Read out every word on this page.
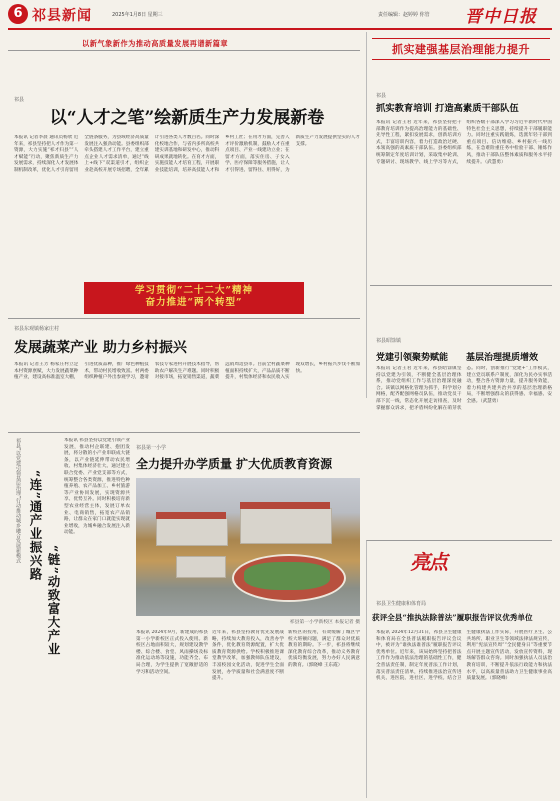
6 祁县新闻	2025年1月8日 星期三	责任编辑：赵婷婷 你管 晋中日报
以新气象新作为推动高质量发展再谱新篇章
祁县
以“人才之笔”绘新质生产力发展新卷
本报讯 记者李晨 通讯员杨欣 近年来，祁县坚持把人才作为第一资源，大力实施“祁才归县”“人才赋能”行动，聚焦新质生产力发展需求，持续深化人才发展体制机制改革，优化人才引育留用全链条服务，为县域经济高质量发展注入强劲动能。县委组织部牵头搭建人才工作平台，建立重点企业人才需求清单，通过“线上+线下”双渠道引才，组织企业赴高校开展专场招聘，全年累计引进各类人才数百名。同时深化校地合作，与省内多所高校共建实训基地和研发中心，推动科研成果就地转化。在育才方面，实施技能人才培育工程，开展职业技能培训，培养高技能人才和乡村工匠；在用才方面，完善人才评价激励机制，鼓励人才在重点项目、产业一线建功立业；在留才方面，落实住房、子女入学、医疗保障等服务措施，让人才引得进、留得住、用得好，为新质生产力发展提供坚实的人才支撑。
学习贯彻“二十二大”精神
奋力推进“两个转型”
祁县东观镇杨家庄村
发展蔬菜产业 助力乡村振兴
本报讯 记者王芳 杨家庄村立足本村资源禀赋，大力发展蔬菜种植产业，建设高标准温室大棚，引进优质品种，推广绿色种植技术，带动村民增收致富。村两委组织种植户外出参观学习，邀请农技专家进村开展技术指导，帮助农户解决生产难题。同时积极对接市场，拓宽销售渠道，蔬菜远销周边县市。目前全村蔬菜种植面积持续扩大，产品品质不断提升，村集体经济和农民收入实现双增长，乡村振兴步伐不断加快。
抓实建强基层治理能力提升
祁县
抓实教育培训 打造高素质干部队伍
本报讯 记者王君 近年来，祁县坚持把干部教育培训作为提高治理能力的基础性、先导性工程，紧扣发展需求，创新培训方式，丰富培训内容，着力打造政治过硬、本领高强的高素质干部队伍。县委组织部统筹制定年度培训计划，采取集中轮训、专题研讨、现场教学、线上学习等方式，组织各级干部深入学习习近平新时代中国特色社会主义思想，持续提升干部履职能力。同时注重实践锻炼，选派年轻干部到重点项目、信访维稳、乡村振兴一线历练，在急难险重任务中检验干部、锤炼作风，推动干部队伍整体素质和服务水平持续提升。（武慧勇）
祁县昭馀镇
党建引领聚势赋能 基层治理提质增效
本报讯 记者王君 近年来，祁县昭馀镇坚持以党建为引领，不断健全基层治理体系，推动党组织工作与基层治理深度融合。该镇以网格化管理为抓手，科学划分网格，配齐配强网格员队伍，推动党员干部下沉一线，常态化开展走访排查，及时掌握群众诉求，把矛盾纠纷化解在萌芽状态。同时，创新推行“党建+”工作模式，建立党员联系户制度，深化为民办实事活动，整合各方资源力量，提升服务效能，着力构建共建共治共享的基层治理新格局，不断增强群众的获得感、幸福感、安全感。（武慧勇）
祁县“以党建引领基层治理”行动推动城乡融合发展新模式 “连”通产业振兴路
“链”动致富大产业
本报讯 祁县坚持以党建引领产业发展，推动村企联建、抱团发展，将分散的小产业串联成大链条，以产业链延伸带动农民增收、村集体经济壮大。通过建立联合党委、产业党支部等方式，统筹整合各类资源，推进特色种植养殖、农产品加工、乡村旅游等产业协同发展，实现资源共享、优势互补。同时积极培育新型农业经营主体，发展订单农业、电商销售，拓宽农产品销路，让群众在家门口就能实现就业增收，为城乡融合发展注入新动能。
祁县第一小学
全力提升办学质量 扩大优质教育资源
祁县第一小学新校区 本报记者 摄
本报讯 2024年9月，新建成的祁县第一小学新校区正式投入使用。新校区占地面积较大，规划建设教学楼、综合楼、食堂、风雨操场及标准化运动场等设施，功能齐全、布局合理，为学生提供了宽敞舒适的学习和活动空间。
近年来，祁县坚持教育优先发展战略，持续加大教育投入，改善办学条件，优化教育资源配置，扩大优质教育资源供给。学校积极推进课堂教学改革，加强教师队伍建设，丰富校园文化活动，促进学生全面发展，办学质量和社会满意度不断提升。
新校区的投用，有效缓解了城区学校大班额问题，满足了群众对优质教育的期盼。下一步，祁县将继续深化教育综合改革，推动义务教育优质均衡发展，努力办好人民满意的教育。（郭晓峰 王东霞）
亮点
祁县卫生健康和体育局
获评全县“推执法除普法”履职报告评议优秀单位
本报讯 2024年12月31日，祁县卫生健康和体育局在全县普法履职报告评议会议中，被评为“谁执法谁普法”履职报告评议优秀单位。近年来，该局始终坚持把普法工作作为推动依法治理的基础性工作，健全普法责任制，制定年度普法工作计划，落实普法责任清单，持续推进法治宣传进机关、进医院、进社区、进学校。结合卫生健康执法工作实际，开展医疗卫生、公共场所、职业卫生等领域法律法规宣传，利用“宪法宣传周”“全民健身日”等重要节点开展主题宣传活动，发放宣传资料，现场解答群众咨询。同时加强执法人员法治教育培训，不断提升依法行政能力和执法水平，以高质量普法助力卫生健康事业高质量发展。（郭晓峰）
